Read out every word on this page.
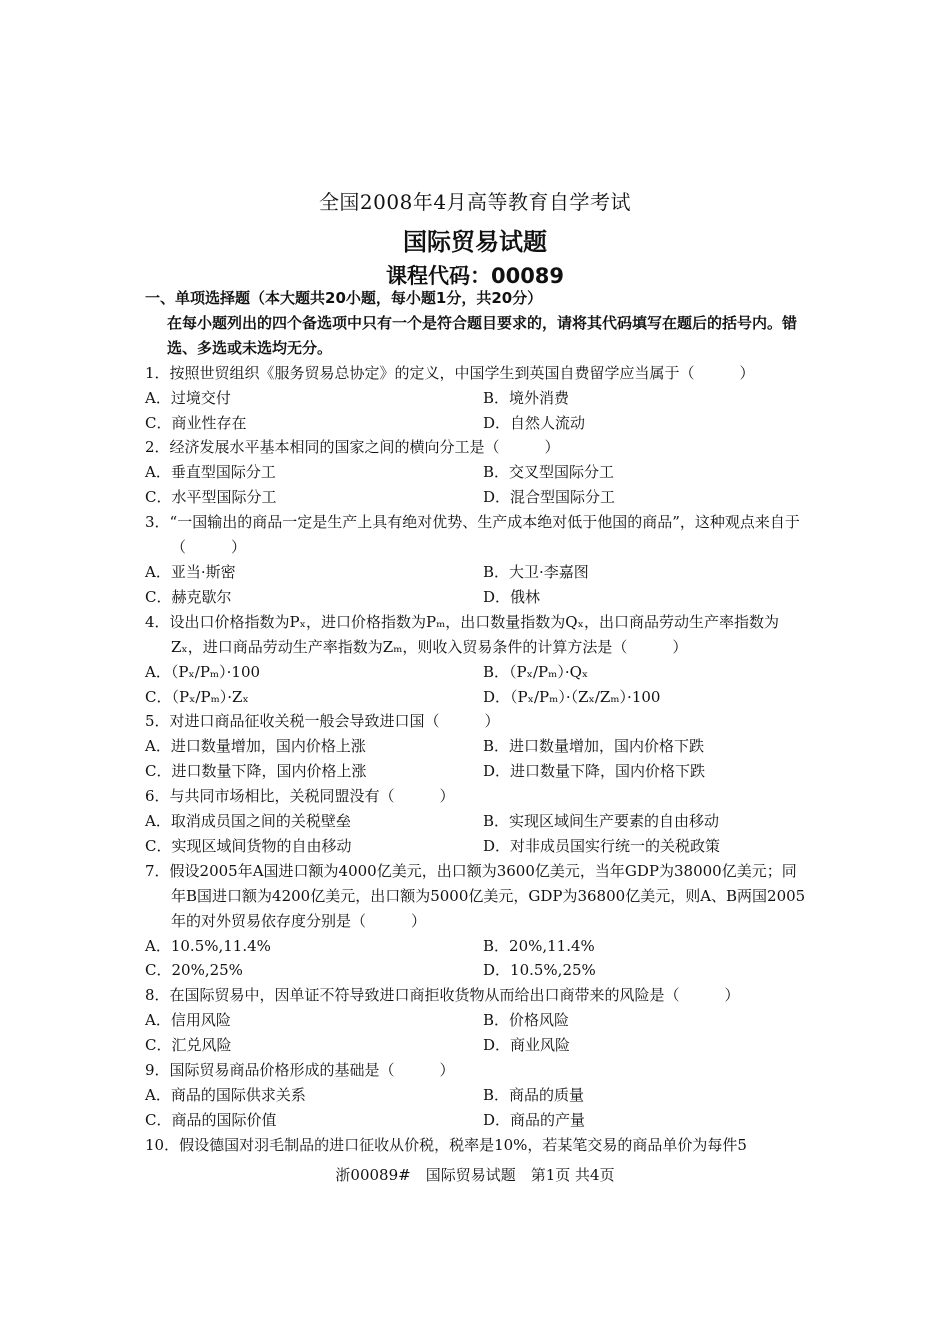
全国2008年4月高等教育自学考试
国际贸易试题
课程代码：00089
一、单项选择题（本大题共20小题，每小题1分，共20分）
在每小题列出的四个备选项中只有一个是符合题目要求的，请将其代码填写在题后的括号内。错选、多选或未选均无分。
1．按照世贸组织《服务贸易总协定》的定义，中国学生到英国自费留学应当属于（　　　）
A．过境交付	B．境外消费
C．商业性存在	D．自然人流动
2．经济发展水平基本相同的国家之间的横向分工是（　　　）
A．垂直型国际分工	B．交叉型国际分工
C．水平型国际分工	D．混合型国际分工
3．“一国输出的商品一定是生产上具有绝对优势、生产成本绝对低于他国的商品”，这种观点来自于（　　　）
A．亚当·斯密	B．大卫·李嘉图
C．赫克歇尔	D．俄林
4．设出口价格指数为Pₓ，进口价格指数为Pₘ，出口数量指数为Qₓ，出口商品劳动生产率指数为Zₓ，进口商品劳动生产率指数为Zₘ，则收入贸易条件的计算方法是（　　　）
A．（Pₓ/Pₘ）·100	B．（Pₓ/Pₘ）·Qₓ
C．（Pₓ/Pₘ）·Zₓ	D．（Pₓ/Pₘ）·（Zₓ/Zₘ）·100
5．对进口商品征收关税一般会导致进口国（　　　）
A．进口数量增加，国内价格上涨	B．进口数量增加，国内价格下跌
C．进口数量下降，国内价格上涨	D．进口数量下降，国内价格下跌
6．与共同市场相比，关税同盟没有（　　　）
A．取消成员国之间的关税壁垒	B．实现区域间生产要素的自由移动
C．实现区域间货物的自由移动	D．对非成员国实行统一的关税政策
7．假设2005年A国进口额为4000亿美元，出口额为3600亿美元，当年GDP为38000亿美元；同年B国进口额为4200亿美元，出口额为5000亿美元，GDP为36800亿美元，则A、B两国2005年的对外贸易依存度分别是（　　　）
A．10.5%,11.4%	B．20%,11.4%
C．20%,25%	D．10.5%,25%
8．在国际贸易中，因单证不符导致进口商拒收货物从而给出口商带来的风险是（　　　）
A．信用风险	B．价格风险
C．汇兑风险	D．商业风险
9．国际贸易商品价格形成的基础是（　　　）
A．商品的国际供求关系	B．商品的质量
C．商品的国际价值	D．商品的产量
10．假设德国对羽毛制品的进口征收从价税，税率是10%，若某笔交易的商品单价为每件5
浙00089#　国际贸易试题　第1页 共4页
